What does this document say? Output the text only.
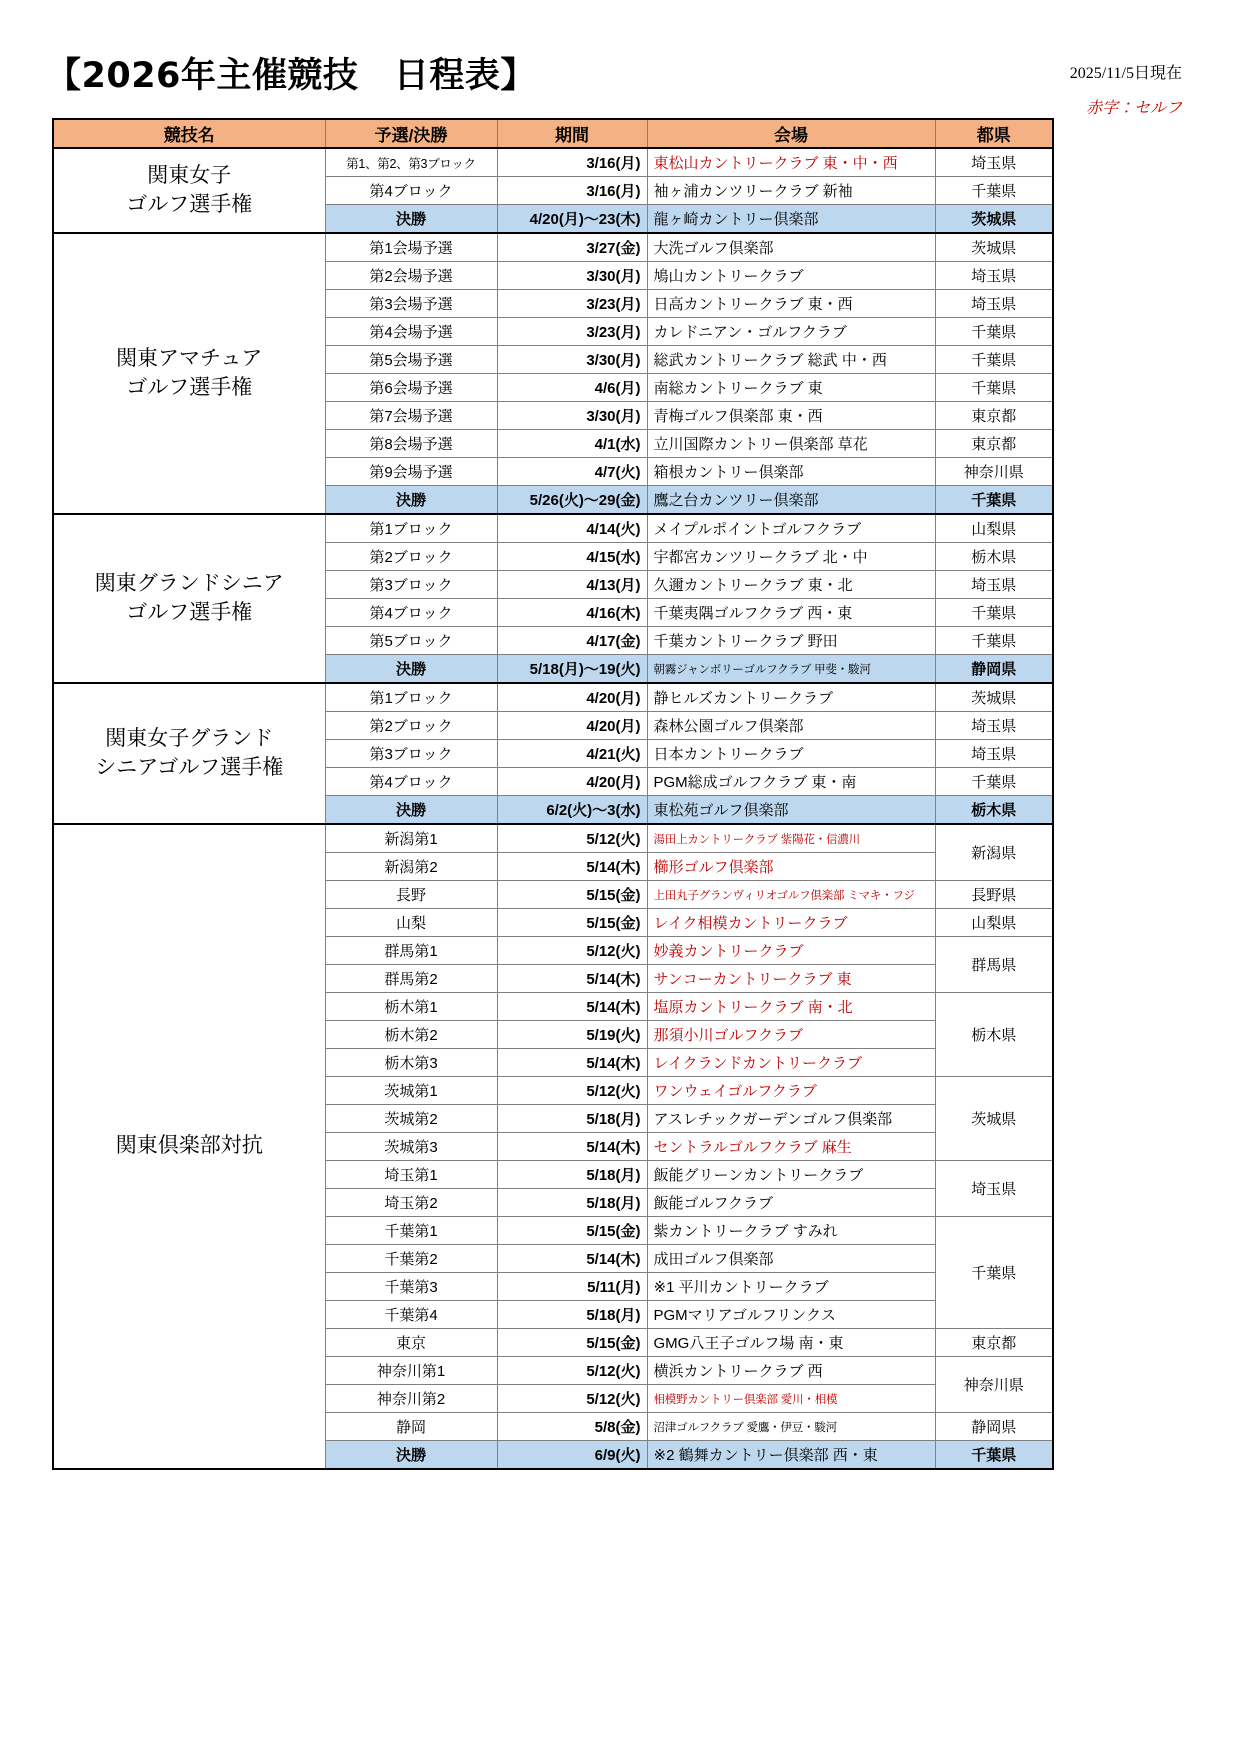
【2026年主催競技　日程表】	2025/11/5日現在
赤字：セルフ
競技名	予選/決勝	期間	会場	都県
関東女子
ゴルフ選手権	第1、第2、第3ブロック	3/16(月)	東松山カントリークラブ 東・中・西	埼玉県
	第4ブロック	3/16(月)	袖ヶ浦カンツリークラブ 新袖	千葉県
	決勝	4/20(月)〜23(木)	龍ヶ崎カントリー倶楽部	茨城県
関東アマチュア
ゴルフ選手権	第1会場予選	3/27(金)	大洗ゴルフ倶楽部	茨城県
	第2会場予選	3/30(月)	鳩山カントリークラブ	埼玉県
	第3会場予選	3/23(月)	日高カントリークラブ 東・西	埼玉県
	第4会場予選	3/23(月)	カレドニアン・ゴルフクラブ	千葉県
	第5会場予選	3/30(月)	総武カントリークラブ 総武 中・西	千葉県
	第6会場予選	4/6(月)	南総カントリークラブ 東	千葉県
	第7会場予選	3/30(月)	青梅ゴルフ倶楽部 東・西	東京都
	第8会場予選	4/1(水)	立川国際カントリー倶楽部 草花	東京都
	第9会場予選	4/7(火)	箱根カントリー倶楽部	神奈川県
	決勝	5/26(火)〜29(金)	鷹之台カンツリー倶楽部	千葉県
関東グランドシニア
ゴルフ選手権	第1ブロック	4/14(火)	メイプルポイントゴルフクラブ	山梨県
	第2ブロック	4/15(水)	宇都宮カンツリークラブ 北・中	栃木県
	第3ブロック	4/13(月)	久邇カントリークラブ 東・北	埼玉県
	第4ブロック	4/16(木)	千葉夷隅ゴルフクラブ 西・東	千葉県
	第5ブロック	4/17(金)	千葉カントリークラブ 野田	千葉県
	決勝	5/18(月)〜19(火)	朝霧ジャンボリーゴルフクラブ 甲斐・駿河	静岡県
関東女子グランド
シニアゴルフ選手権	第1ブロック	4/20(月)	静ヒルズカントリークラブ	茨城県
	第2ブロック	4/20(月)	森林公園ゴルフ倶楽部	埼玉県
	第3ブロック	4/21(火)	日本カントリークラブ	埼玉県
	第4ブロック	4/20(月)	PGM総成ゴルフクラブ 東・南	千葉県
	決勝	6/2(火)〜3(水)	東松苑ゴルフ倶楽部	栃木県
関東倶楽部対抗	新潟第1	5/12(火)	湯田上カントリークラブ 紫陽花・信濃川	新潟県
	新潟第2	5/14(木)	櫛形ゴルフ倶楽部	
	長野	5/15(金)	上田丸子グランヴィリオゴルフ倶楽部 ミマキ・フジ	長野県
	山梨	5/15(金)	レイク相模カントリークラブ	山梨県
	群馬第1	5/12(火)	妙義カントリークラブ	群馬県
	群馬第2	5/14(木)	サンコーカントリークラブ 東	
	栃木第1	5/14(木)	塩原カントリークラブ 南・北	栃木県
	栃木第2	5/19(火)	那須小川ゴルフクラブ	
	栃木第3	5/14(木)	レイクランドカントリークラブ	
	茨城第1	5/12(火)	ワンウェイゴルフクラブ	茨城県
	茨城第2	5/18(月)	アスレチックガーデンゴルフ倶楽部	
	茨城第3	5/14(木)	セントラルゴルフクラブ 麻生	
	埼玉第1	5/18(月)	飯能グリーンカントリークラブ	埼玉県
	埼玉第2	5/18(月)	飯能ゴルフクラブ	
	千葉第1	5/15(金)	紫カントリークラブ すみれ	千葉県
	千葉第2	5/14(木)	成田ゴルフ倶楽部	
	千葉第3	5/11(月)	※1 平川カントリークラブ	
	千葉第4	5/18(月)	PGMマリアゴルフリンクス	
	東京	5/15(金)	GMG八王子ゴルフ場 南・東	東京都
	神奈川第1	5/12(火)	横浜カントリークラブ 西	神奈川県
	神奈川第2	5/12(火)	相模野カントリー倶楽部 愛川・相模	
	静岡	5/8(金)	沼津ゴルフクラブ 愛鷹・伊豆・駿河	静岡県
	決勝	6/9(火)	※2 鶴舞カントリー倶楽部 西・東	千葉県
